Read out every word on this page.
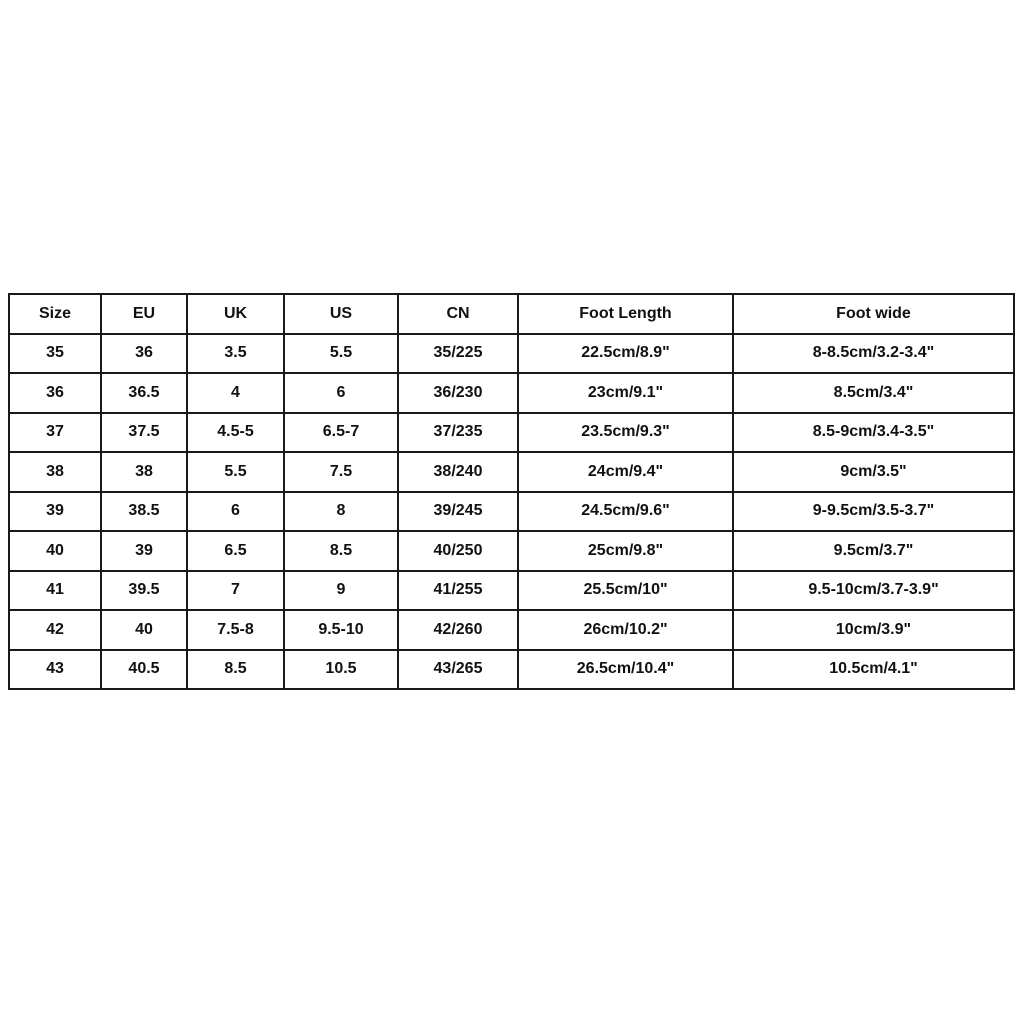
Size	EU	UK	US	CN	Foot Length	Foot wide
35	36	3.5	5.5	35/225	22.5cm/8.9"	8-8.5cm/3.2-3.4"
36	36.5	4	6	36/230	23cm/9.1"	8.5cm/3.4"
37	37.5	4.5-5	6.5-7	37/235	23.5cm/9.3"	8.5-9cm/3.4-3.5"
38	38	5.5	7.5	38/240	24cm/9.4"	9cm/3.5"
39	38.5	6	8	39/245	24.5cm/9.6"	9-9.5cm/3.5-3.7"
40	39	6.5	8.5	40/250	25cm/9.8"	9.5cm/3.7"
41	39.5	7	9	41/255	25.5cm/10"	9.5-10cm/3.7-3.9"
42	40	7.5-8	9.5-10	42/260	26cm/10.2"	10cm/3.9"
43	40.5	8.5	10.5	43/265	26.5cm/10.4"	10.5cm/4.1"
